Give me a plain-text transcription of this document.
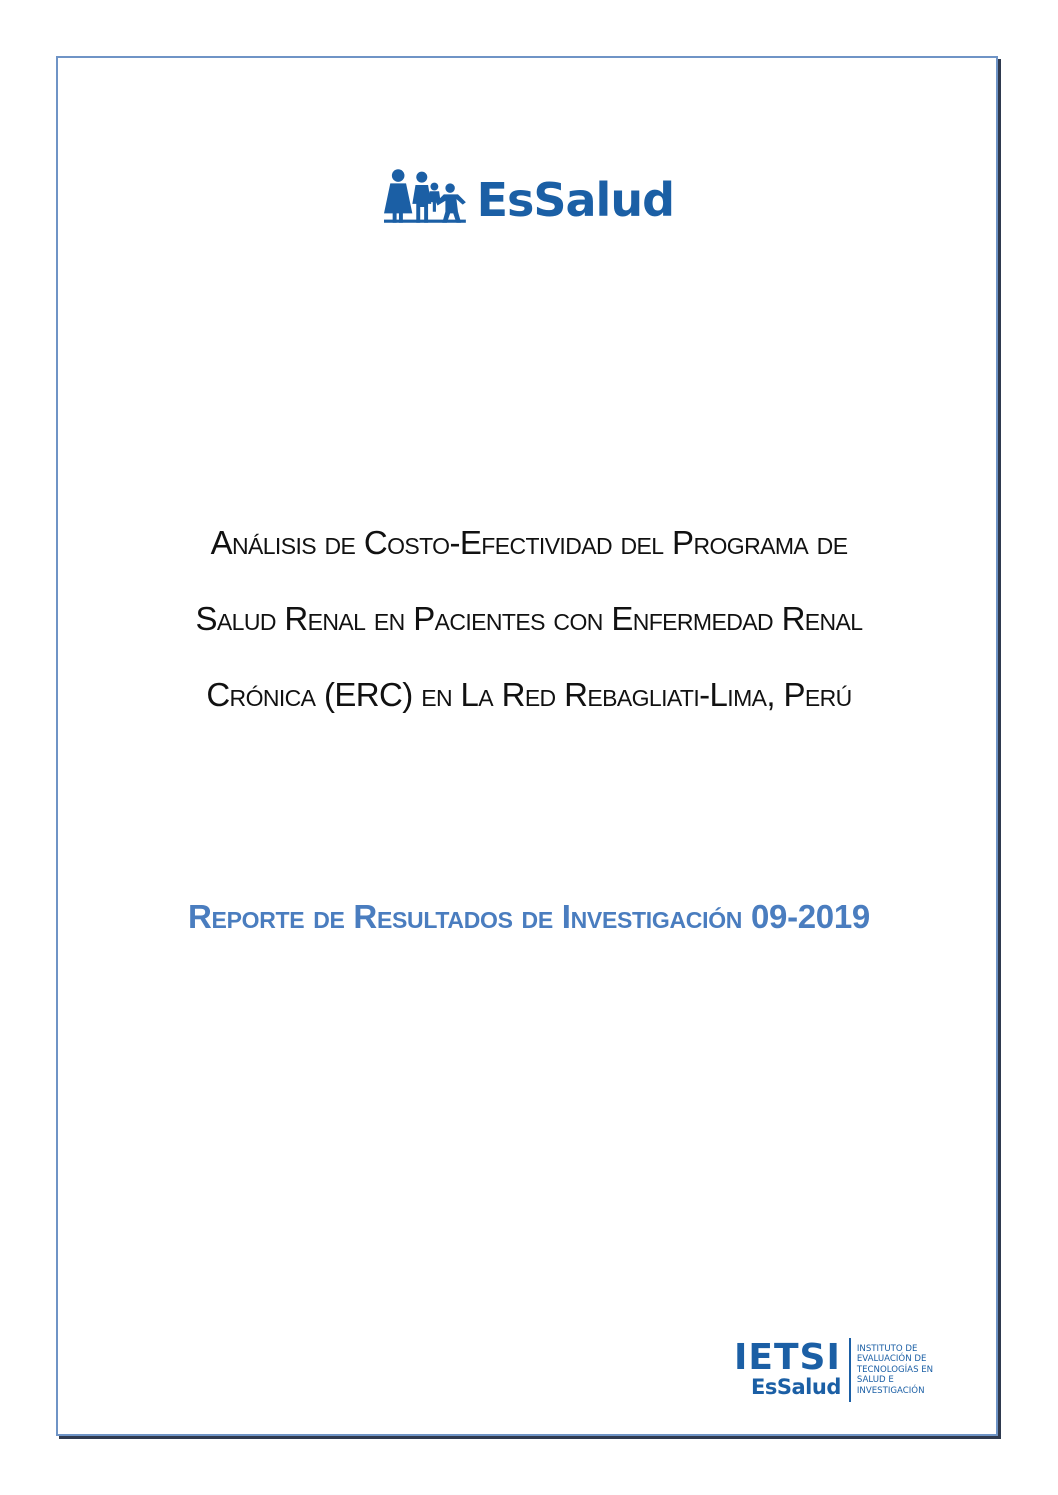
EsSalud
Análisis de Costo-Efectividad del Programa de
Salud Renal en Pacientes con Enfermedad Renal
Crónica (ERC) en La Red Rebagliati-Lima, Perú
Reporte de Resultados de Investigación 09-2019
IETSI
EsSalud
INSTITUTO DE
EVALUACIÓN DE
TECNOLOGÍAS EN
SALUD E
INVESTIGACIÓN
